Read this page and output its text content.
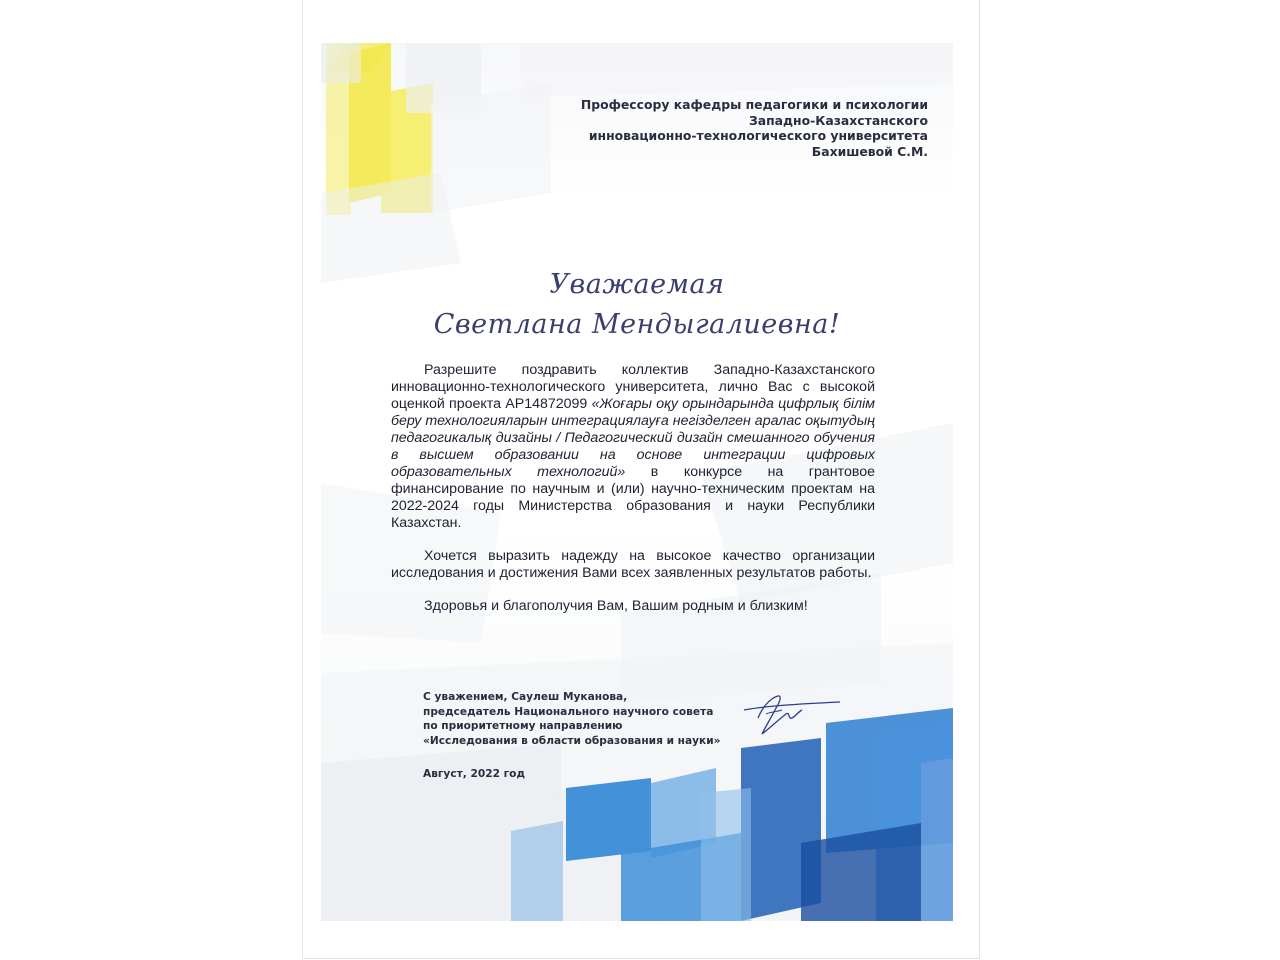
Профессору кафедры педагогики и психологии
Западно-Казахстанского
инновационно-технологического университета
Бахишевой С.М.
Уважаемая
Светлана Мендыгалиевна!

Разрешите поздравить коллектив Западно-Казахстанского инновационно-технологического университета, лично Вас с высокой оценкой проекта AP14872099 «Жоғары оқу орындарында цифрлық білім беру технологияларын интеграциялауға негізделген аралас оқытудың педагогикалық дизайны / Педагогический дизайн смешанного обучения в высшем образовании на основе интеграции цифровых образовательных технологий» в конкурсе на грантовое финансирование по научным и (или) научно-техническим проектам на 2022-2024 годы Министерства образования и науки Республики Казахстан.

Хочется выразить надежду на высокое качество организации исследования и достижения Вами всех заявленных результатов работы.

Здоровья и благополучия Вам, Вашим родным и близким!

С уважением, Саулеш Муканова,
председатель Национального научного совета
по приоритетному направлению
«Исследования в области образования и науки»
Август, 2022 год
